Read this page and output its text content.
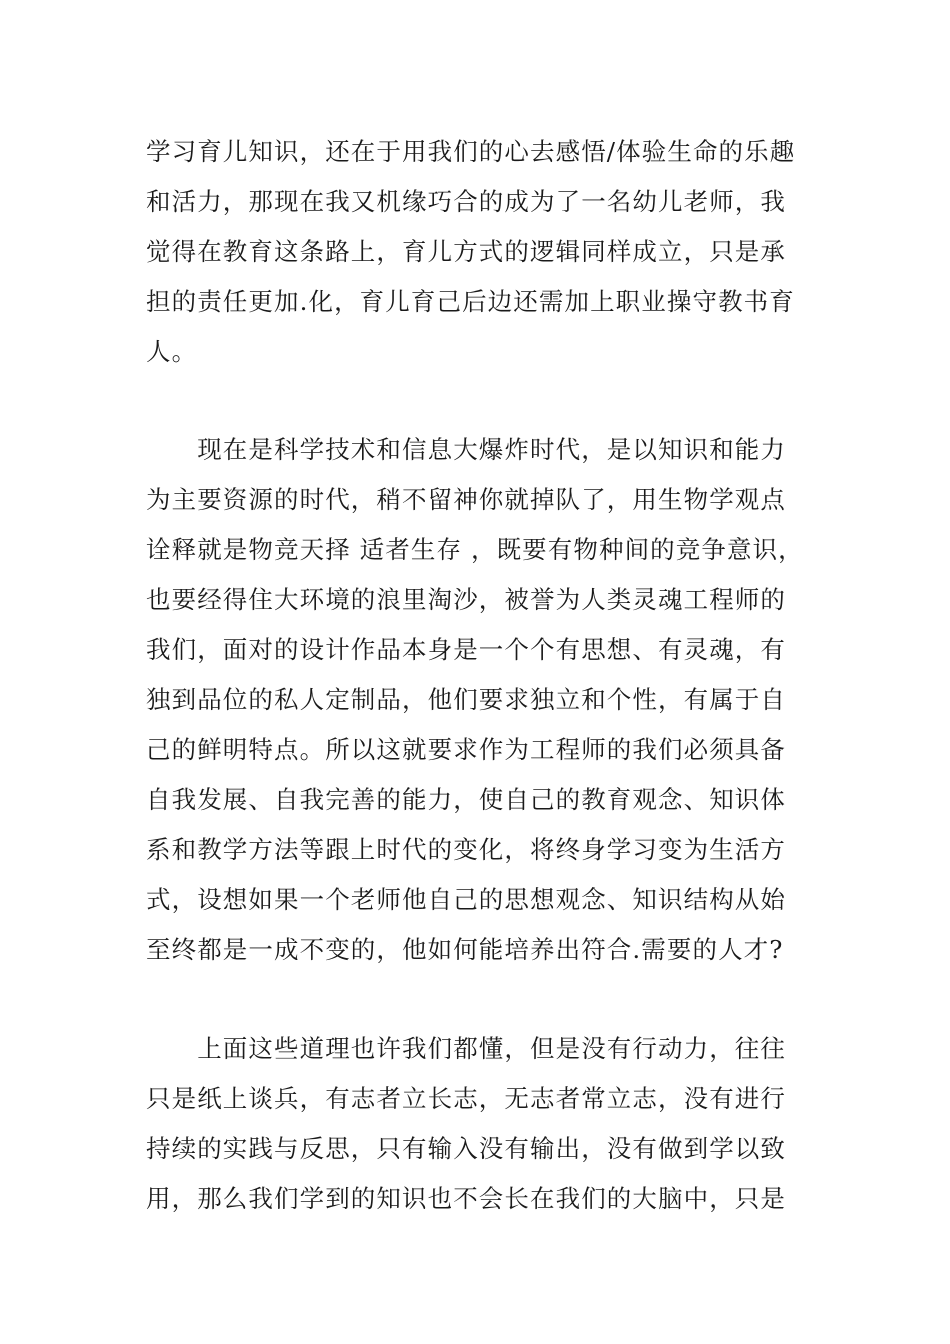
学习育儿知识，还在于用我们的心去感悟/体验生命的乐趣
和活力，那现在我又机缘巧合的成为了一名幼儿老师，我
觉得在教育这条路上，育儿方式的逻辑同样成立，只是承
担的责任更加.化，育儿育己后边还需加上职业操守教书育
人。
　　现在是科学技术和信息大爆炸时代，是以知识和能力
为主要资源的时代，稍不留神你就掉队了，用生物学观点
诠释就是物竞天择 适者生存 ，既要有物种间的竞争意识，
也要经得住大环境的浪里淘沙，被誉为人类灵魂工程师的
我们，面对的设计作品本身是一个个有思想、有灵魂，有
独到品位的私人定制品，他们要求独立和个性，有属于自
己的鲜明特点。所以这就要求作为工程师的我们必须具备
自我发展、自我完善的能力，使自己的教育观念、知识体
系和教学方法等跟上时代的变化，将终身学习变为生活方
式，设想如果一个老师他自己的思想观念、知识结构从始
至终都是一成不变的，他如何能培养出符合.需要的人才?
　　上面这些道理也许我们都懂，但是没有行动力，往往
只是纸上谈兵，有志者立长志，无志者常立志，没有进行
持续的实践与反思，只有输入没有输出，没有做到学以致
用，那么我们学到的知识也不会长在我们的大脑中，只是
